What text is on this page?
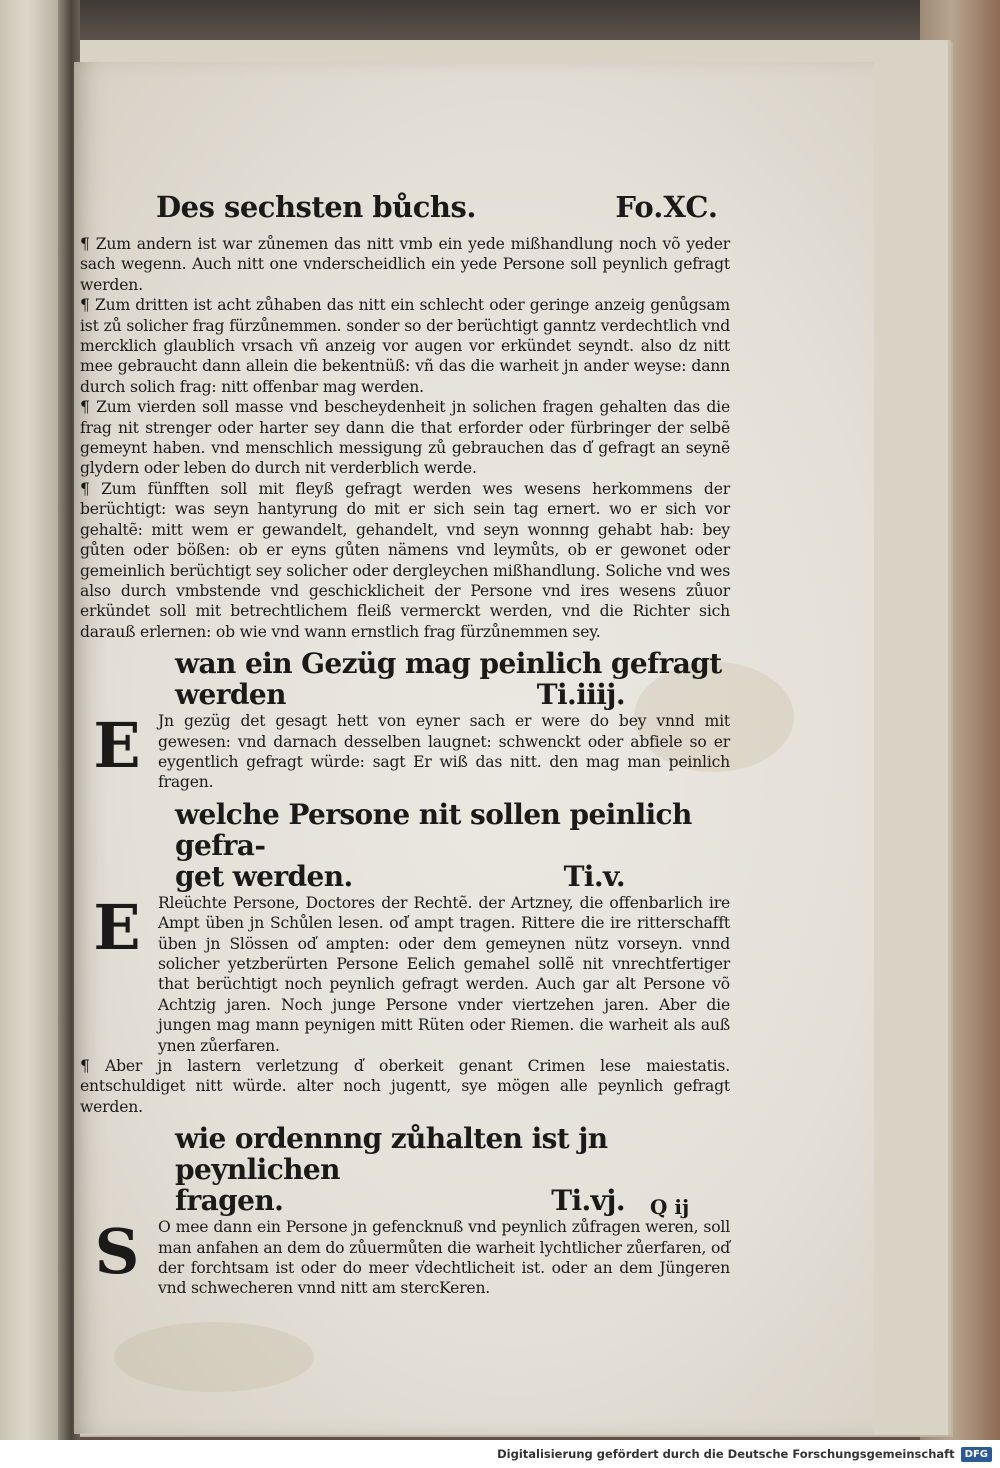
Des sechsten bůchs.	Fo.XC.

¶ Zum andern ist war zůnemen das nitt vmb ein yede mißhandlung noch võ yeder sach wegenn. Auch nitt one vnderscheidlich ein yede Persone soll peynlich gefragt werden.

¶ Zum dritten ist acht zůhaben das nitt ein schlecht oder geringe anzeig genůgsam ist zů solicher frag fürzůnemmen. sonder so der berüchtigt ganntz verdechtlich vnd mercklich glaublich vrsach vñ anzeig vor augen vor erkündet seyndt. also dz nitt mee gebraucht dann allein die bekentnüß: vñ das die warheit jn ander weyse: dann durch solich frag: nitt offenbar mag werden.

¶ Zum vierden soll masse vnd bescheydenheit jn solichen fragen gehalten das die frag nit strenger oder harter sey dann die that erforder oder fürbringer der selbẽ gemeynt haben. vnd menschlich messigung zů gebrauchen das d̕ gefragt an seynẽ glydern oder leben do durch nit verderblich werde.

¶ Zum fünfften soll mit fleyß gefragt werden wes wesens herkommens der berüchtigt: was seyn hantyrung do mit er sich sein tag ernert. wo er sich vor gehaltẽ: mitt wem er gewandelt, gehandelt, vnd seyn wonnng gehabt hab: bey gůten oder bößen: ob er eyns gůten nämens vnd leymůts, ob er gewonet oder gemeinlich berüchtigt sey solicher oder dergleychen mißhandlung. Soliche vnd wes also durch vmbstende vnd geschicklicheit der Persone vnd ires wesens zůuor erkündet soll mit betrechtlichem fleiß vermerckt werden, vnd die Richter sich darauß erlernen: ob wie vnd wann ernstlich frag fürzůnemmen sey.

wan ein Gezüg mag peinlich gefragt
werden	Ti.iiij.
E	Jn gezüg det gesagt hett von eyner sach er were do bey vnnd mit gewesen: vnd darnach desselben laugnet: schwenckt oder abfiele so er eygentlich gefragt würde: sagt Er wiß das nitt. den mag man peinlich fragen.

welche Persone nit sollen peinlich gefra-
get werden.	Ti.v.
E	Rleüchte Persone, Doctores der Rechtẽ. der Artzney, die offenbarlich ire Ampt üben jn Schůlen lesen. od̕ ampt tragen. Rittere die ire ritterschafft üben jn Slössen od̕ ampten: oder dem gemeynen nütz vorseyn. vnnd solicher yetzberürten Persone Eelich gemahel sollẽ nit vnrechtfertiger that berüchtigt noch peynlich gefragt werden. Auch gar alt Persone võ Achtzig jaren. Noch junge Persone vnder viertzehen jaren. Aber die jungen mag mann peynigen mitt Rüten oder Riemen. die warheit als auß ynen zůerfaren.

¶ Aber jn lastern verletzung d̕ oberkeit genant Crimen lese maiestatis. entschuldiget nitt würde. alter noch jugentt, sye mögen alle peynlich gefragt werden.

wie ordennng zůhalten ist jn peynlichen
fragen.	Ti.vj.
S	O mee dann ein Persone jn gefencknuß vnd peynlich zůfragen weren, soll man anfahen an dem do zůuermůten die warheit lychtlicher zůerfaren, od̕ der forchtsam ist oder do meer v̕dechtlicheit ist. oder an dem Jüngeren vnd schwecheren vnnd nitt am stercKeren.

Q ij
Digitalisierung gefördert durch die Deutsche Forschungsgemeinschaft	DFG
